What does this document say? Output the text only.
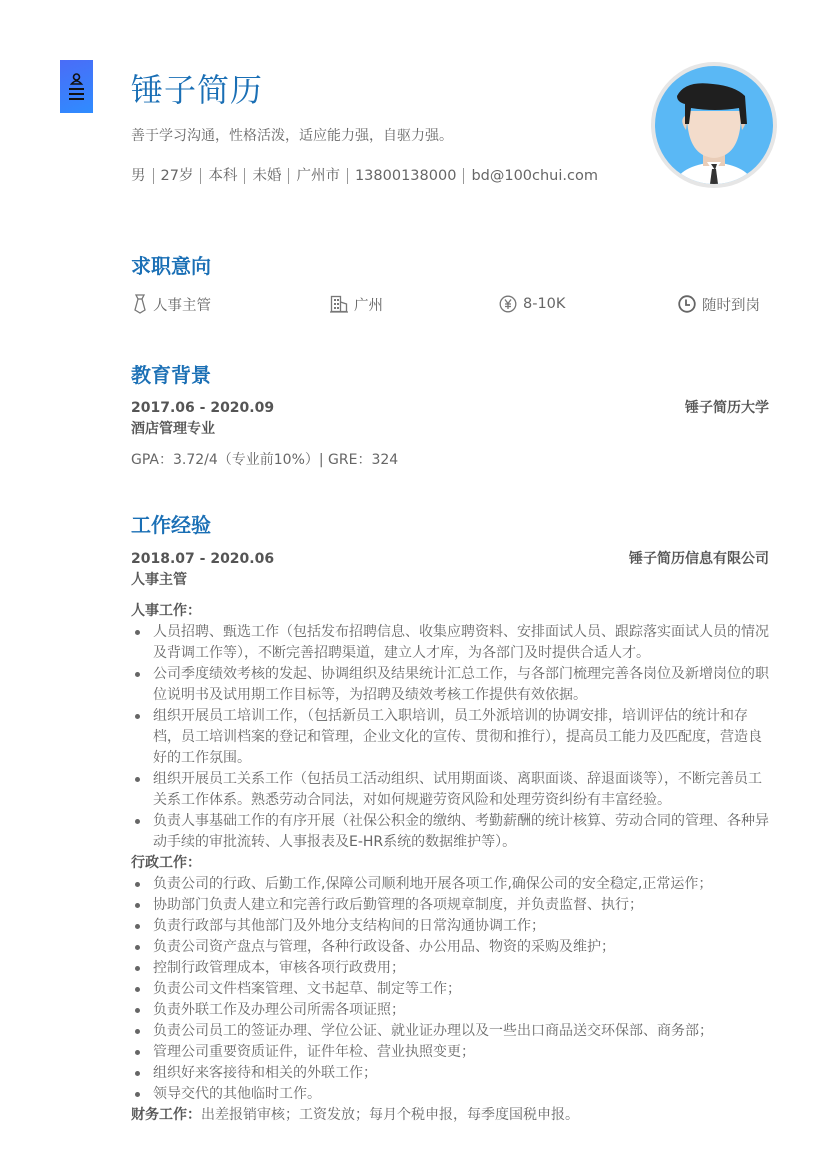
锤子简历
善于学习沟通，性格活泼，适应能力强，自驱力强。
男 27岁 本科 未婚 广州市 13800138000 bd@100chui.com
求职意向
人事主管	广州	8-10K	随时到岗
教育背景
2017.06 - 2020.09	锤子简历大学
酒店管理专业
GPA：3.72/4（专业前10%）| GRE：324
工作经验
2018.07 - 2020.06	锤子简历信息有限公司
人事主管
人事工作：
人员招聘、甄选工作（包括发布招聘信息、收集应聘资料、安排面试人员、跟踪落实面试人员的情况及背调工作等），不断完善招聘渠道，建立人才库，为各部门及时提供合适人才。
公司季度绩效考核的发起、协调组织及结果统计汇总工作，与各部门梳理完善各岗位及新增岗位的职位说明书及试用期工作目标等，为招聘及绩效考核工作提供有效依据。
组织开展员工培训工作，（包括新员工入职培训，员工外派培训的协调安排，培训评估的统计和存档，员工培训档案的登记和管理，企业文化的宣传、贯彻和推行），提高员工能力及匹配度，营造良好的工作氛围。
组织开展员工关系工作（包括员工活动组织、试用期面谈、离职面谈、辞退面谈等），不断完善员工关系工作体系。熟悉劳动合同法，对如何规避劳资风险和处理劳资纠纷有丰富经验。
负责人事基础工作的有序开展（社保公积金的缴纳、考勤薪酬的统计核算、劳动合同的管理、各种异动手续的审批流转、人事报表及E-HR系统的数据维护等）。
行政工作：
负责公司的行政、后勤工作,保障公司顺利地开展各项工作,确保公司的安全稳定,正常运作；
协助部门负责人建立和完善行政后勤管理的各项规章制度，并负责监督、执行；
负责行政部与其他部门及外地分支结构间的日常沟通协调工作；
负责公司资产盘点与管理，各种行政设备、办公用品、物资的采购及维护；
控制行政管理成本，审核各项行政费用；
负责公司文件档案管理、文书起草、制定等工作；
负责外联工作及办理公司所需各项证照；
负责公司员工的签证办理、学位公证、就业证办理以及一些出口商品送交环保部、商务部；
管理公司重要资质证件，证件年检、营业执照变更；
组织好来客接待和相关的外联工作；
领导交代的其他临时工作。
财务工作：出差报销审核；工资发放；每月个税申报，每季度国税申报。
